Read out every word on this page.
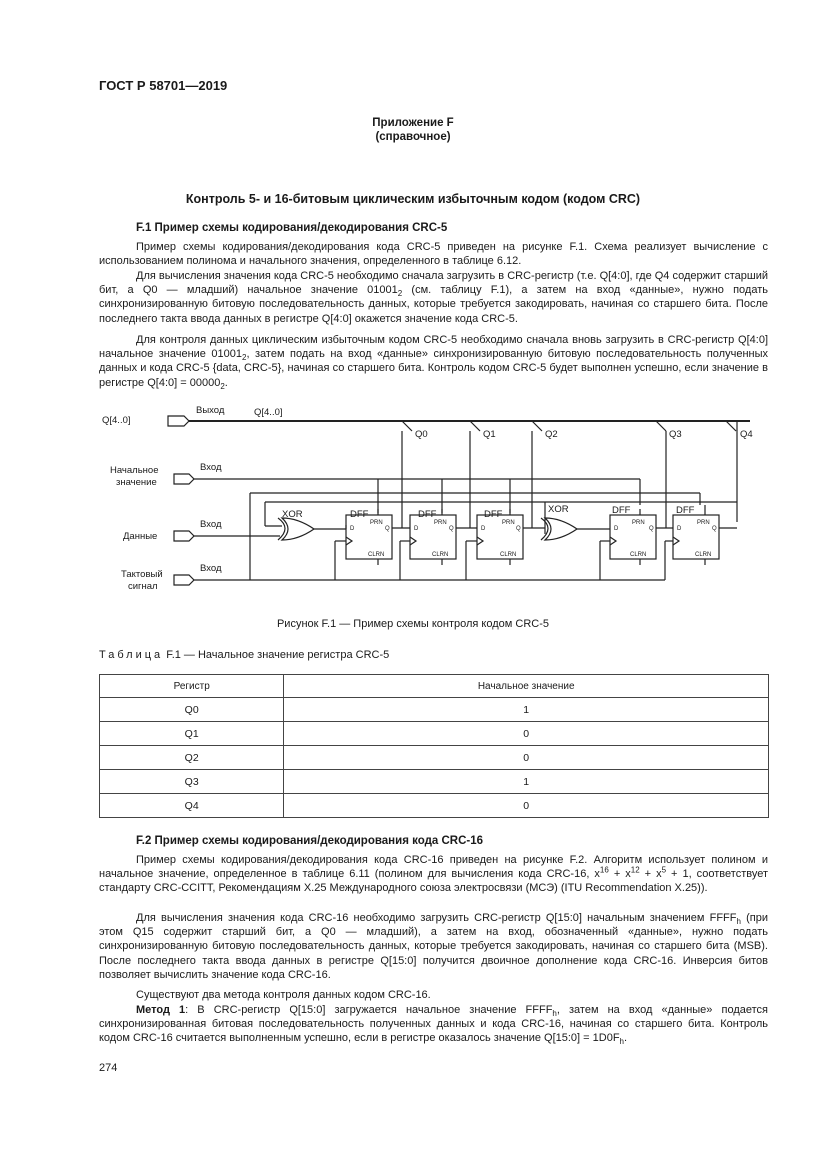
ГОСТ Р 58701—2019
Приложение F
(справочное)
Контроль 5- и 16-битовым циклическим избыточным кодом (кодом CRC)
F.1 Пример схемы кодирования/декодирования CRC-5

Пример схемы кодирования/декодирования кода CRC-5 приведен на рисунке F.1. Схема реализует вычисление с использованием полинома и начального значения, определенного в таблице 6.12.

Для вычисления значения кода CRC-5 необходимо сначала загрузить в CRC-регистр (т.е. Q[4:0], где Q4 содержит старший бит, а Q0 — младший) начальное значение $01001_2$ (см. таблицу F.1), а затем на вход «данные», нужно подать синхронизированную битовую последовательность данных, которые требуется закодировать, начиная со старшего бита. После последнего такта ввода данных в регистре Q[4:0] окажется значение кода CRC-5.

Для контроля данных циклическим избыточным кодом CRC-5 необходимо сначала вновь загрузить в CRC-регистр Q[4:0] начальное значение $01001_2$, затем подать на вход «данные» синхронизированную битовую последовательность полученных данных и кода CRC-5 {data, CRC-5}, начиная со старшего бита. Контроль кодом CRC-5 будет выполнен успешно, если значение в регистре Q[4:0] = $00000_2$.

Q[4..0]
Выход	Q[4..0]
Начальное
значение
Вход
Данные
Вход
Тактовый
сигнал
Вход
XOR	XOR
DFF	DFF	DFF	DFF	DFF
Q0	Q1	Q2	Q3	Q4
PRN	PRN	PRN	PRN	PRN
D	D	D	D	D
Q	Q	Q	Q	Q
CLRN	CLRN	CLRN	CLRN	CLRN
Рисунок F.1 — Пример схемы контроля кодом CRC-5
Таблица F.1 — Начальное значение регистра CRC-5
Регистр	Начальное значение
Q0	1
Q1	0
Q2	0
Q3	1
Q4	0
F.2 Пример схемы кодирования/декодирования кода CRC-16

Пример схемы кодирования/декодирования кода CRC-16 приведен на рисунке F.2. Алгоритм использует полином и начальное значение, определенное в таблице 6.11 (полином для вычисления кода CRC-16, $x^{16} + x^{12} + x^5 + 1$, соответствует стандарту CRC-CCITT, Рекомендациям X.25 Международного союза электросвязи (МСЭ) (ITU Recommendation X.25)).

Для вычисления значения кода CRC-16 необходимо загрузить CRC-регистр Q[15:0] начальным значением $FFFF_h$ (при этом Q15 содержит старший бит, а Q0 — младший), а затем на вход, обозначенный «данные», нужно подать синхронизированную битовую последовательность данных, которые требуется закодировать, начиная со старшего бита (MSB). После последнего такта ввода данных в регистре Q[15:0] получится двоичное дополнение кода CRC-16. Инверсия битов позволяет вычислить значение кода CRC-16.

Существуют два метода контроля данных кодом CRC-16.

Метод 1: В CRC-регистр Q[15:0] загружается начальное значение $FFFF_h$, затем на вход «данные» подается синхронизированная битовая последовательность полученных данных и кода CRC-16, начиная со старшего бита. Контроль кодом CRC-16 считается выполненным успешно, если в регистре оказалось значение Q[15:0] = $1D0F_h$.

274
